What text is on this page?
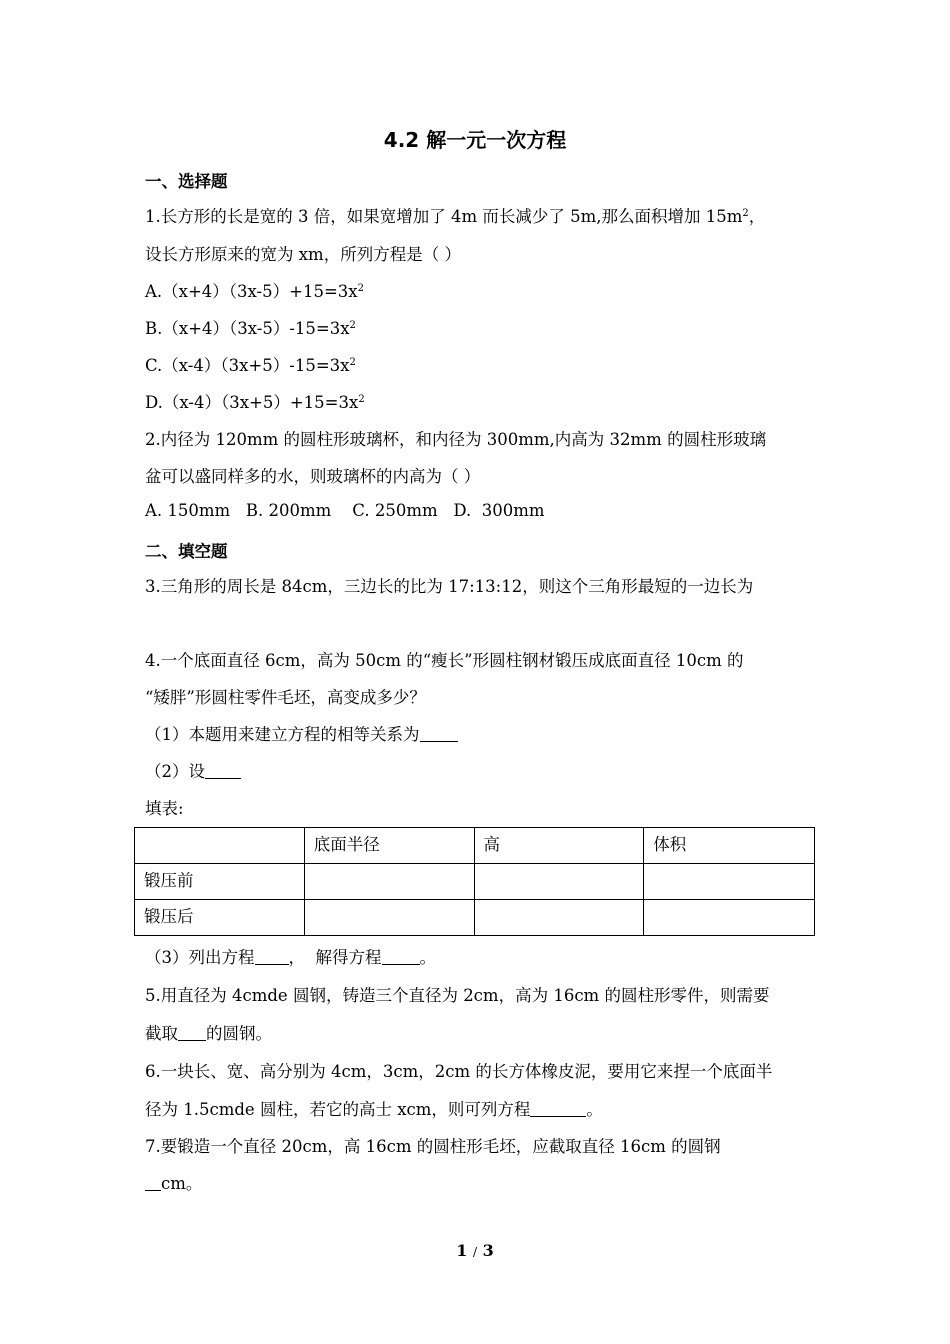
4.2 解一元一次方程
一、选择题
1.长方形的长是宽的 3 倍，如果宽增加了 4m 而长减少了 5m,那么面积增加 $15m^2$，
设长方形原来的宽为 xm，所列方程是（ ）
$A.(x+4)(3x-5)+15=3x^2$
$B.(x+4)(3x-5)-15=3x^2$
$C.(x-4)(3x+5)-15=3x^2$
$D.(x-4)(3x+5)+15=3x^2$
2.内径为 120mm 的圆柱形玻璃杯，和内径为 300mm,内高为 32mm 的圆柱形玻璃
盆可以盛同样多的水，则玻璃杯的内高为（ ）
A. 150mm   B. 200mm    C. 250mm   D.  300mm
二、填空题
3.三角形的周长是 84cm，三边长的比为 17:13:12，则这个三角形最短的一边长为
4.一个底面直径 6cm，高为 50cm 的“瘦长”形圆柱钢材锻压成底面直径 10cm 的
“矮胖”形圆柱零件毛坯，高变成多少？
（1）本题用来建立方程的相等关系为
（2）设
填表:
	底面半径	高	体积
锻压前			
锻压后			
（3）列出方程 ，  解得方程 。
5.用直径为 4cmde 圆钢，铸造三个直径为 2cm，高为 16cm 的圆柱形零件，则需要
截取 的圆钢。
6.一块长、宽、高分别为 4cm，3cm，2cm 的长方体橡皮泥，要用它来捏一个底面半
径为 1.5cmde 圆柱，若它的高士 xcm，则可列方程	。
7.要锻造一个直径 20cm，高 16cm 的圆柱形毛坯，应截取直径 16cm 的圆钢
cm。
1 / 3
